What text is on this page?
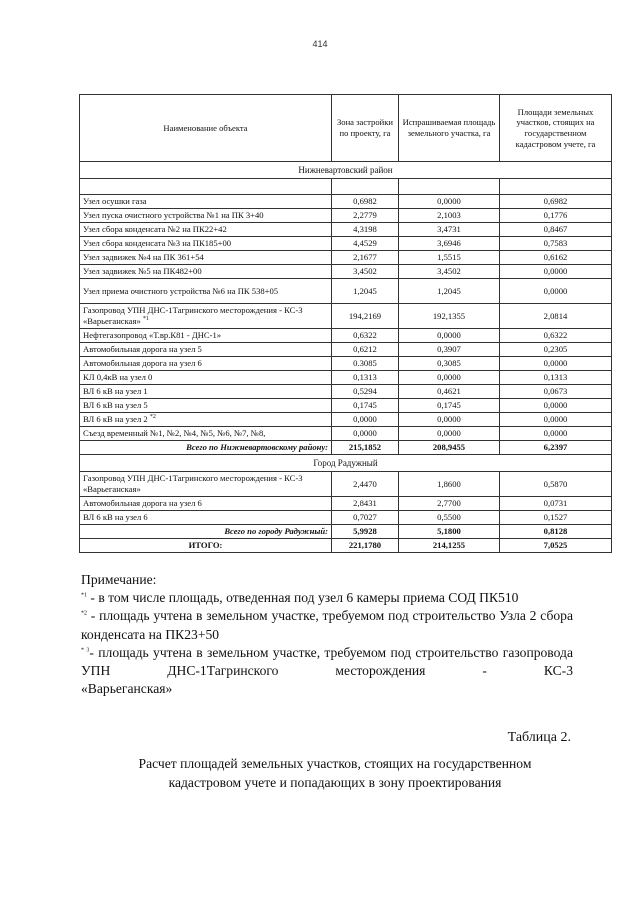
414
Наименование объекта	Зона застройки по проекту, га	Испрашиваемая площадь земельного участка, га	Площади земельных участков, стоящих на государственном кадастровом учете, га
Нижневартовский район			

Узел осушки газа	0,6982	0,0000	0,6982
Узел пуска очистного устройства №1 на ПК 3+40	2,2779	2,1003	0,1776
Узел сбора конденсата №2 на ПК22+42	4,3198	3,4731	0,8467
Узел сбора конденсата №3 на ПК185+00	4,4529	3,6946	0,7583
Узел задвижек №4 на ПК 361+54	2,1677	1,5515	0,6162
Узел задвижек №5 на ПК482+00	3,4502	3,4502	0,0000
Узел приема очистного устройства №6 на ПК 538+05	1,2045	1,2045	0,0000
Газопровод УПН ДНС-1Тагринского месторождения - КС-3 «Варьеганская» $^{*1}$	194,2169	192,1355	2,0814
Нефтегазопровод «Т.вр.К81 - ДНС-1»	0,6322	0,0000	0,6322
Автомобильная дорога на узел 5	0,6212	0,3907	0,2305
Автомобильная дорога на узел 6	0.3085	0,3085	0,0000
КЛ 0,4кВ на узел 0	0,1313	0,0000	0,1313
ВЛ 6 кВ на узел 1	0,5294	0,4621	0,0673
ВЛ 6 кВ на узел 5	0,1745	0,1745	0,0000
ВЛ 6 кВ на узел 2 $^{*2}$	0,0000	0,0000	0,0000
Съезд временный №1, №2, №4, №5, №6, №7, №8,	0,0000	0,0000	0,0000
Всего по Нижневартовскому району:	215,1852	208,9455	6,2397
Город Радужный			
Газопровод УПН ДНС-1Тагринского месторождения - КС-3 «Варьеганская»	2,4470	1,8600	0,5870
Автомобильная дорога на узел 6	2,8431	2,7700	0,0731
ВЛ 6 кВ на узел 6	0,7027	0,5500	0,1527
Всего по городу Радужный:	5,9928	5,1800	0,8128
ИТОГО:	221,1780	214,1255	7,0525

Примечание:

$^{*1}$ - в том числе площадь, отведенная под узел 6 камеры приема СОД ПК510

$^{*2}$ - площадь учтена в земельном участке, требуемом под строительство Узла 2 сбора конденсата на ПК23+50

$^{* 3}$- площадь учтена в земельном участке, требуемом под строительство газопровода УПН ДНС-1Тагринского месторождения - КС-3

«Варьеганская»

Таблица 2.
Расчет площадей земельных участков, стоящих на государственном
кадастровом учете и попадающих в зону проектирования
